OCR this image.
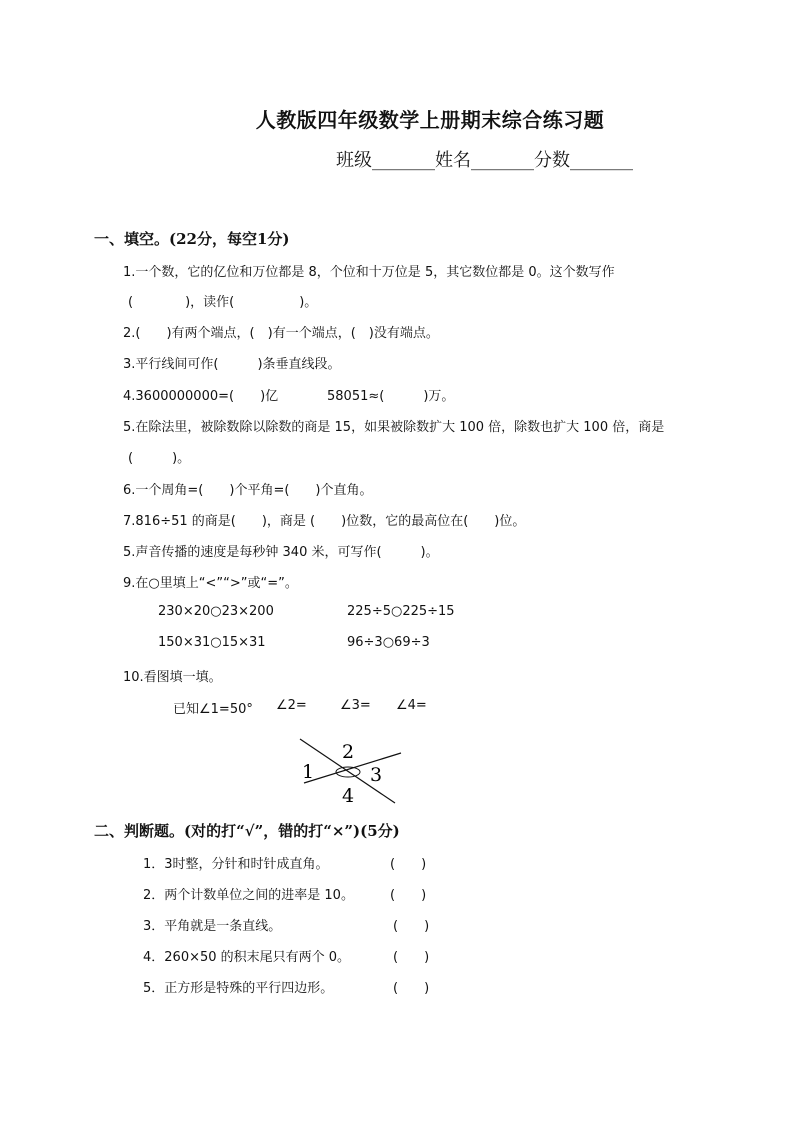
人教版四年级数学上册期末综合练习题
班级_______姓名_______分数_______
一、填空。(22分，每空1分)
1.一个数，它的亿位和万位都是 8，个位和十万位是 5，其它数位都是 0。这个数写作
(　　　　)，读作(　　　　　)。
2.(　　)有两个端点，(　)有一个端点，(　)没有端点。
3.平行线间可作(　　　)条垂直线段。
4.3600000000=(　　)亿	58051≈(　　　)万。
5.在除法里，被除数除以除数的商是 15，如果被除数扩大 100 倍，除数也扩大 100 倍，商是
(　　　)。
6.一个周角=(　　)个平角=(　　)个直角。
7.816÷51 的商是(　　)，商是 (　　)位数，它的最高位在(　　)位。
5.声音传播的速度是每秒钟 340 米，可写作(　　　)。
9.在○里填上“<”“>”或“=”。
230×20○23×200	225÷5○225÷15
150×31○15×31	96÷3○69÷3
10.看图填一填。
已知∠1=50° ∠2=	∠3= ∠4=
1
2
3
4
二、判断题。(对的打“√”，错的打“×”)(5分)
1．3时整，分针和时针成直角。	(　　)
2．两个计数单位之间的进率是 10。	(　　)
3．平角就是一条直线。	(　　)
4．260×50 的积末尾只有两个 0。	(　　)
5．正方形是特殊的平行四边形。	(　　)
